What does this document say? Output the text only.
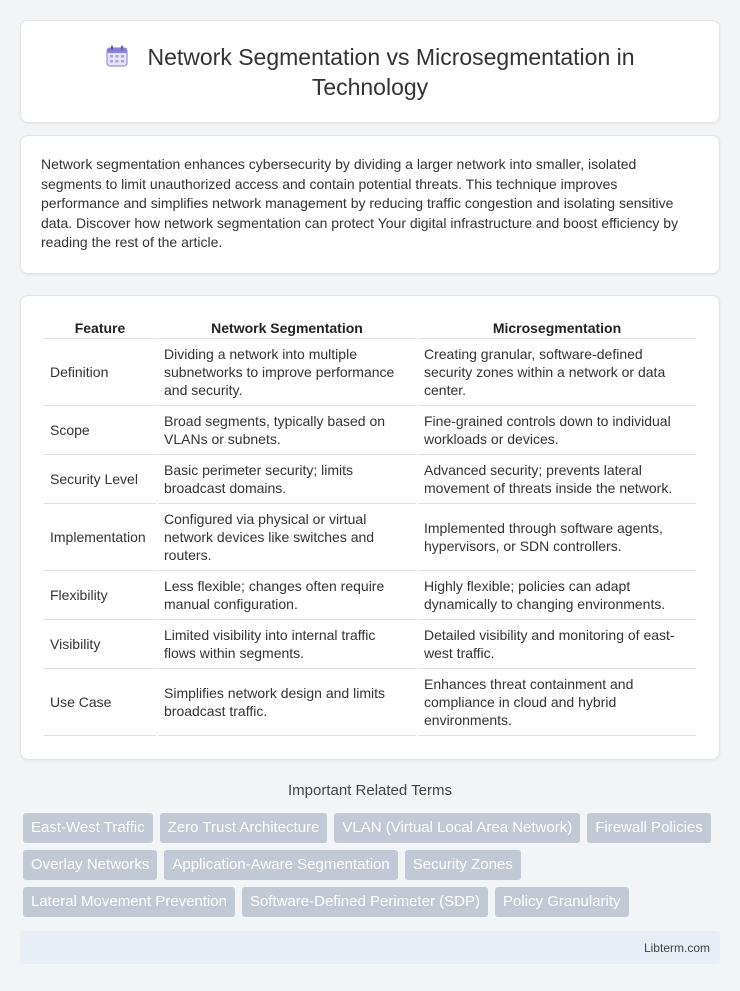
Network Segmentation vs Microsegmentation in Technology

Network segmentation enhances cybersecurity by dividing a larger network into smaller, isolated segments to limit unauthorized access and contain potential threats. This technique improves performance and simplifies network management by reducing traffic congestion and isolating sensitive data. Discover how network segmentation can protect Your digital infrastructure and boost efficiency by reading the rest of the article.

Feature	Network Segmentation	Microsegmentation
Definition	Dividing a network into multiple subnetworks to improve performance and security.	Creating granular, software-defined security zones within a network or data center.
Scope	Broad segments, typically based on VLANs or subnets.	Fine-grained controls down to individual workloads or devices.
Security Level	Basic perimeter security; limits broadcast domains.	Advanced security; prevents lateral movement of threats inside the network.
Implementation	Configured via physical or virtual network devices like switches and routers.	Implemented through software agents, hypervisors, or SDN controllers.
Flexibility	Less flexible; changes often require manual configuration.	Highly flexible; policies can adapt dynamically to changing environments.
Visibility	Limited visibility into internal traffic flows within segments.	Detailed visibility and monitoring of east-west traffic.
Use Case	Simplifies network design and limits broadcast traffic.	Enhances threat containment and compliance in cloud and hybrid environments.
Important Related Terms
East-West Traffic	Zero Trust Architecture	VLAN (Virtual Local Area Network)	Firewall Policies
Overlay Networks	Application-Aware Segmentation	Security Zones
Lateral Movement Prevention	Software-Defined Perimeter (SDP)	Policy Granularity
Libterm.com
